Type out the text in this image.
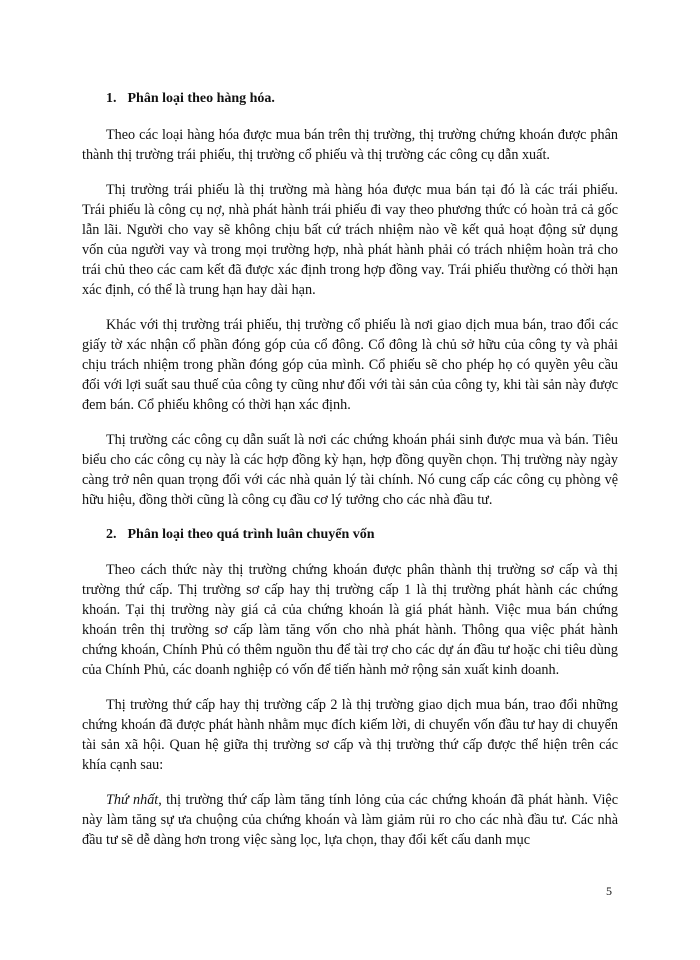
1. Phân loại theo hàng hóa.

Theo các loại hàng hóa được mua bán trên thị trường, thị trường chứng khoán được phân thành thị trường trái phiếu, thị trường cổ phiếu và thị trường các công cụ dẫn xuất.

Thị trường trái phiếu là thị trường mà hàng hóa được mua bán tại đó là các trái phiếu. Trái phiếu là công cụ nợ, nhà phát hành trái phiếu đi vay theo phương thức có hoàn trả cả gốc lẫn lãi. Người cho vay sẽ không chịu bất cứ trách nhiệm nào về kết quả hoạt động sử dụng vốn của người vay và trong mọi trường hợp, nhà phát hành phải có trách nhiệm hoàn trả cho trái chủ theo các cam kết đã được xác định trong hợp đồng vay. Trái phiếu thường có thời hạn xác định, có thể là trung hạn hay dài hạn.

Khác với thị trường trái phiếu, thị trường cổ phiếu là nơi giao dịch mua bán, trao đổi các giấy tờ xác nhận cổ phần đóng góp của cổ đông. Cổ đông là chủ sở hữu của công ty và phải chịu trách nhiệm trong phần đóng góp của mình. Cổ phiếu sẽ cho phép họ có quyền yêu cầu đối với lợi suất sau thuế của công ty cũng như đối với tài sản của công ty, khi tài sản này được đem bán. Cổ phiếu không có thời hạn xác định.

Thị trường các công cụ dẫn suất là nơi các chứng khoán phái sinh được mua và bán. Tiêu biểu cho các công cụ này là các hợp đồng kỳ hạn, hợp đồng quyền chọn. Thị trường này ngày càng trở nên quan trọng đối với các nhà quản lý tài chính. Nó cung cấp các công cụ phòng vệ hữu hiệu, đồng thời cũng là công cụ đầu cơ lý tưởng cho các nhà đầu tư.

2. Phân loại theo quá trình luân chuyển vốn

Theo cách thức này thị trường chứng khoán được phân thành thị trường sơ cấp và thị trường thứ cấp. Thị trường sơ cấp hay thị trường cấp 1 là thị trường phát hành các chứng khoán. Tại thị trường này giá cả của chứng khoán là giá phát hành. Việc mua bán chứng khoán trên thị trường sơ cấp làm tăng vốn cho nhà phát hành. Thông qua việc phát hành chứng khoán, Chính Phủ có thêm nguồn thu để tài trợ cho các dự án đầu tư hoặc chi tiêu dùng của Chính Phủ, các doanh nghiệp có vốn để tiến hành mở rộng sản xuất kinh doanh.

Thị trường thứ cấp hay thị trường cấp 2 là thị trường giao dịch mua bán, trao đổi những chứng khoán đã được phát hành nhằm mục đích kiếm lời, di chuyển vốn đầu tư hay di chuyển tài sản xã hội. Quan hệ giữa thị trường sơ cấp và thị trường thứ cấp được thể hiện trên các khía cạnh sau:

Thứ nhất, thị trường thứ cấp làm tăng tính lỏng của các chứng khoán đã phát hành. Việc này làm tăng sự ưa chuộng của chứng khoán và làm giảm rủi ro cho các nhà đầu tư. Các nhà đầu tư sẽ dễ dàng hơn trong việc sàng lọc, lựa chọn, thay đổi kết cấu danh mục

5
